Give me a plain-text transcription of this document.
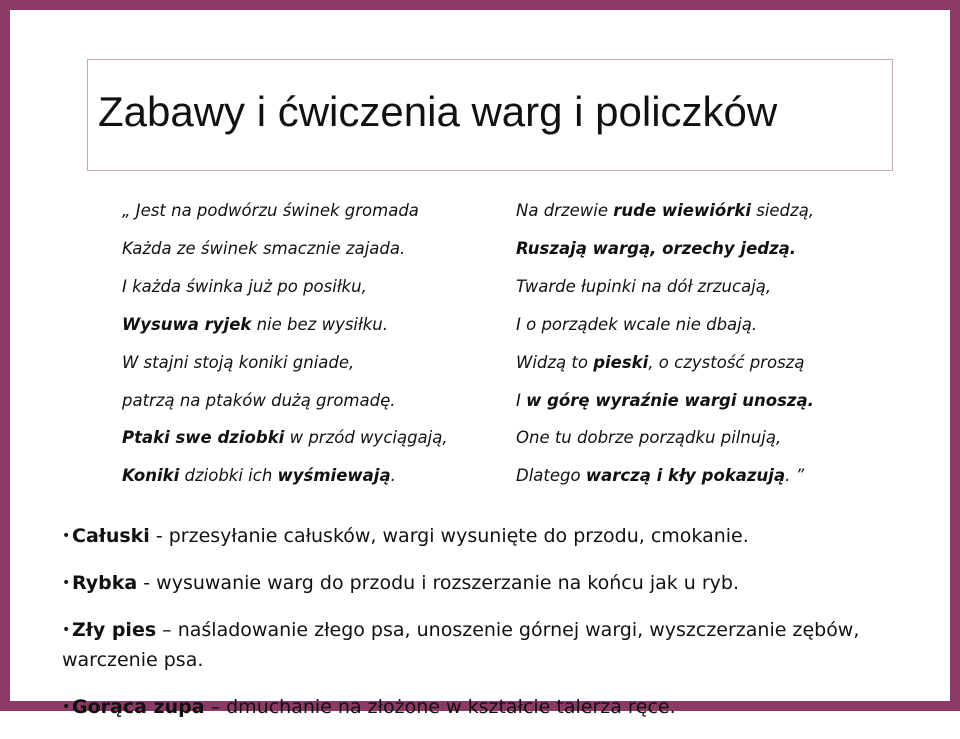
Zabawy i ćwiczenia warg i policzków
„ Jest na podwórzu świnek gromada
Każda ze świnek smacznie zajada.
I każda świnka już po posiłku,
Wysuwa ryjek nie bez wysiłku.
W stajni stoją koniki gniade,
patrzą na ptaków dużą gromadę.
Ptaki swe dziobki w przód wyciągają,
Koniki dziobki ich wyśmiewają.
Na drzewie rude wiewiórki siedzą,
Ruszają wargą, orzechy jedzą.
Twarde łupinki na dół zrzucają,
I o porządek wcale nie dbają.
Widzą to pieski, o czystość proszą
I w górę wyraźnie wargi unoszą.
One tu dobrze porządku pilnują,
Dlatego warczą i kły pokazują. ”
•Całuski - przesyłanie całusków, wargi wysunięte do przodu, cmokanie.
•Rybka - wysuwanie warg do przodu i rozszerzanie na końcu jak u ryb.
•Zły pies – naśladowanie złego psa, unoszenie górnej wargi, wyszczerzanie zębów, warczenie psa.
•Gorąca zupa – dmuchanie na złożone w kształcie talerza ręce.
